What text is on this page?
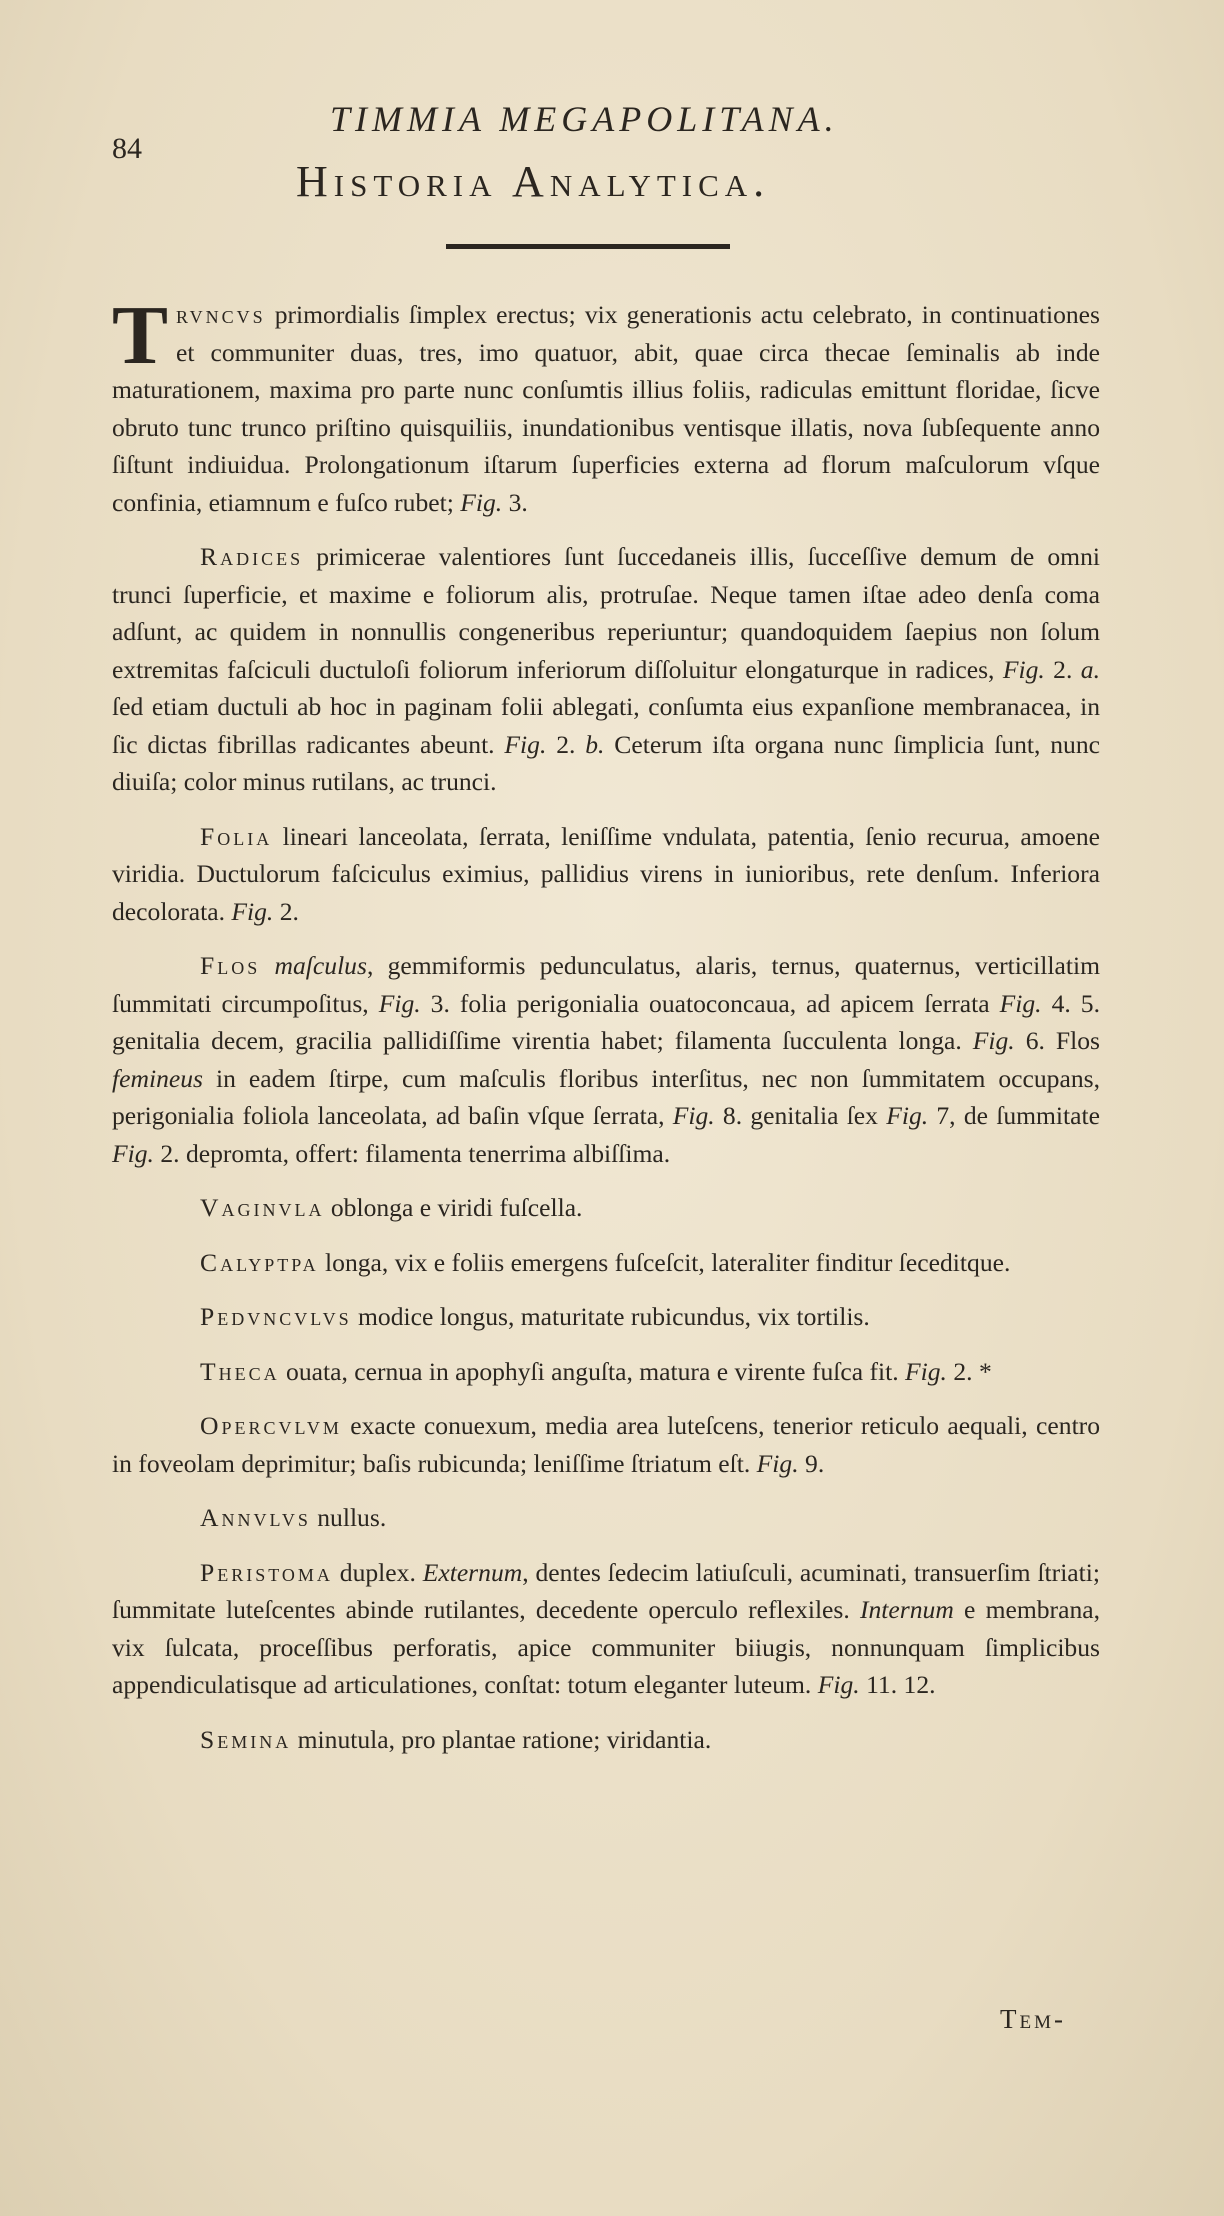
84
TIMMIA MEGAPOLITANA.
Historia Analytica.

Trvncvs primordialis ſimplex erectus; vix generationis actu celebrato, in continuationes et communiter duas, tres, imo quatuor, abit, quae circa thecae ſeminalis ab inde maturationem, maxima pro parte nunc conſumtis illius foliis, radiculas emittunt floridae, ſicve obruto tunc trunco priſtino quisquiliis, inundationibus ventisque illatis, nova ſubſequente anno ſiſtunt indiuidua. Prolongationum iſtarum ſuperficies externa ad florum maſculorum vſque confinia, etiamnum e fuſco rubet; Fig. 3.

Radices primicerae valentiores ſunt ſuccedaneis illis, ſucceſſive demum de omni trunci ſuperficie, et maxime e foliorum alis, protruſae. Neque tamen iſtae adeo denſa coma adſunt, ac quidem in nonnullis congeneribus reperiuntur; quandoquidem ſaepius non ſolum extremitas faſciculi ductuloſi foliorum inferiorum diſſoluitur elongaturque in radices, Fig. 2. a. ſed etiam ductuli ab hoc in paginam folii ablegati, conſumta eius expanſione membranacea, in ſic dictas fibrillas radicantes abeunt. Fig. 2. b. Ceterum iſta organa nunc ſimplicia ſunt, nunc diuiſa; color minus rutilans, ac trunci.

Folia lineari lanceolata, ſerrata, leniſſime vndulata, patentia, ſenio recurua, amoene viridia. Ductulorum faſciculus eximius, pallidius virens in iunioribus, rete denſum. Inferiora decolorata. Fig. 2.

Flos maſculus, gemmiformis pedunculatus, alaris, ternus, quaternus, verticillatim ſummitati circumpoſitus, Fig. 3. folia perigonialia ouatoconcaua, ad apicem ſerrata Fig. 4. 5. genitalia decem, gracilia pallidiſſime virentia habet; filamenta ſucculenta longa. Fig. 6. Flos femineus in eadem ſtirpe, cum maſculis floribus interſitus, nec non ſummitatem occupans, perigonialia foliola lanceolata, ad baſin vſque ſerrata, Fig. 8. genitalia ſex Fig. 7, de ſummitate Fig. 2. depromta, offert: filamenta tenerrima albiſſima.

Vaginvla oblonga e viridi fuſcella.

Calyptpa longa, vix e foliis emergens fuſceſcit, lateraliter finditur ſeceditque.

Pedvncvlvs modice longus, maturitate rubicundus, vix tortilis.

Theca ouata, cernua in apophyſi anguſta, matura e virente fuſca fit. Fig. 2. *

Opercvlvm exacte conuexum, media area luteſcens, tenerior reticulo aequali, centro in foveolam deprimitur; baſis rubicunda; leniſſime ſtriatum eſt. Fig. 9.

Annvlvs nullus.

Peristoma duplex. Externum, dentes ſedecim latiuſculi, acuminati, transuerſim ſtriati; ſummitate luteſcentes abinde rutilantes, decedente operculo reflexiles. Internum e membrana, vix ſulcata, proceſſibus perforatis, apice communiter biiugis, nonnunquam ſimplicibus appendiculatisque ad articulationes, conſtat: totum eleganter luteum. Fig. 11. 12.

Semina minutula, pro plantae ratione; viridantia.

Tem-
